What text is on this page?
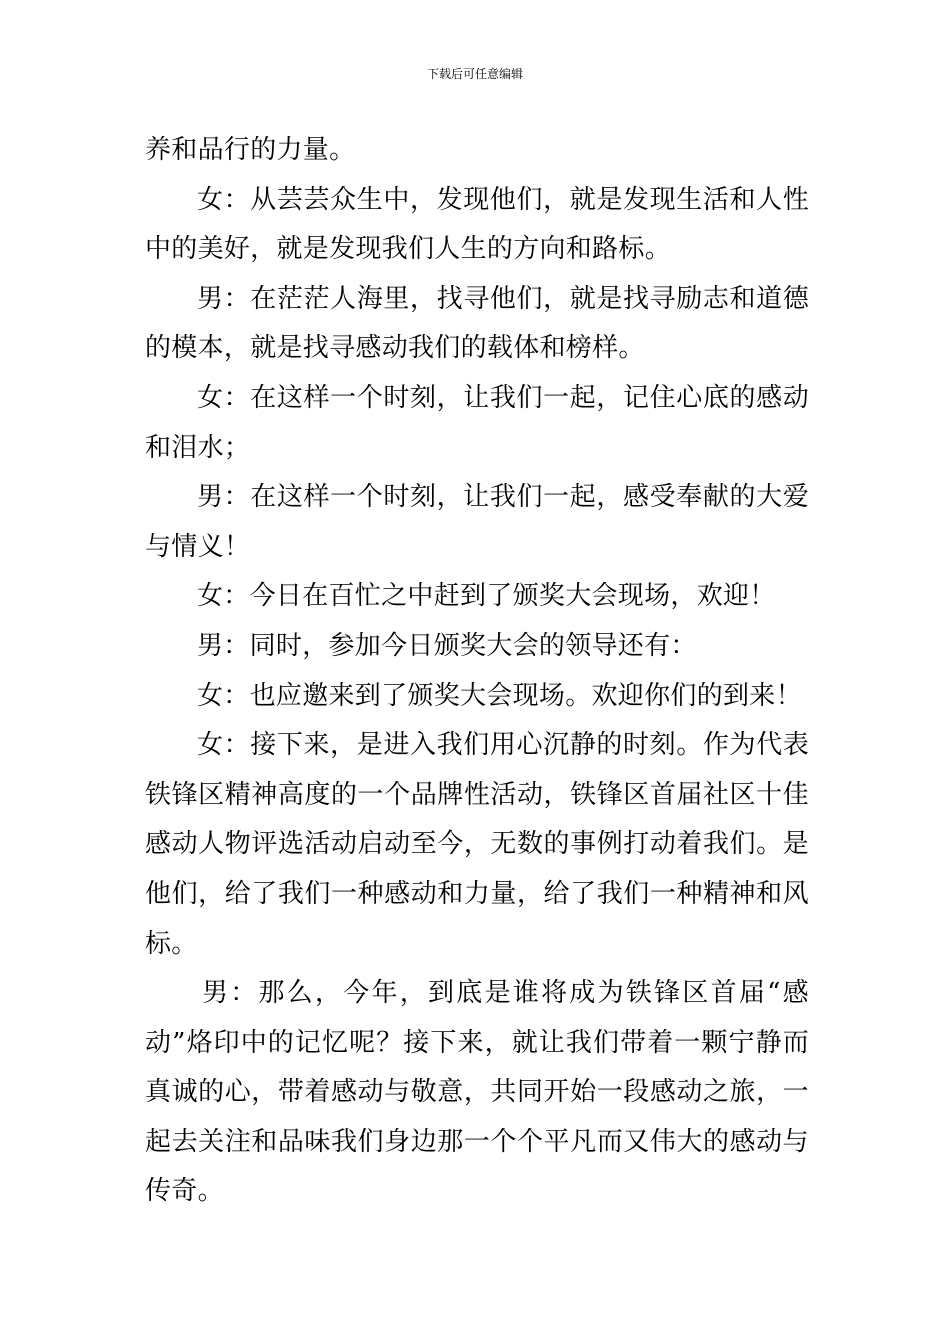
下载后可任意编辑

养和品行的力量。

女：从芸芸众生中，发现他们，就是发现生活和人性中的美好，就是发现我们人生的方向和路标。

男：在茫茫人海里，找寻他们，就是找寻励志和道德的模本，就是找寻感动我们的载体和榜样。

女：在这样一个时刻，让我们一起，记住心底的感动和泪水；

男：在这样一个时刻，让我们一起，感受奉献的大爱与情义！

女：今日在百忙之中赶到了颁奖大会现场，欢迎！

男：同时，参加今日颁奖大会的领导还有：

女：也应邀来到了颁奖大会现场。欢迎你们的到来！

女：接下来，是进入我们用心沉静的时刻。作为代表铁锋区精神高度的一个品牌性活动，铁锋区首届社区十佳感动人物评选活动启动至今，无数的事例打动着我们。是他们，给了我们一种感动和力量，给了我们一种精神和风标。

男：那么，今年，到底是谁将成为铁锋区首届“感动”烙印中的记忆呢？接下来，就让我们带着一颗宁静而真诚的心，带着感动与敬意，共同开始一段感动之旅，一起去关注和品味我们身边那一个个平凡而又伟大的感动与传奇。
